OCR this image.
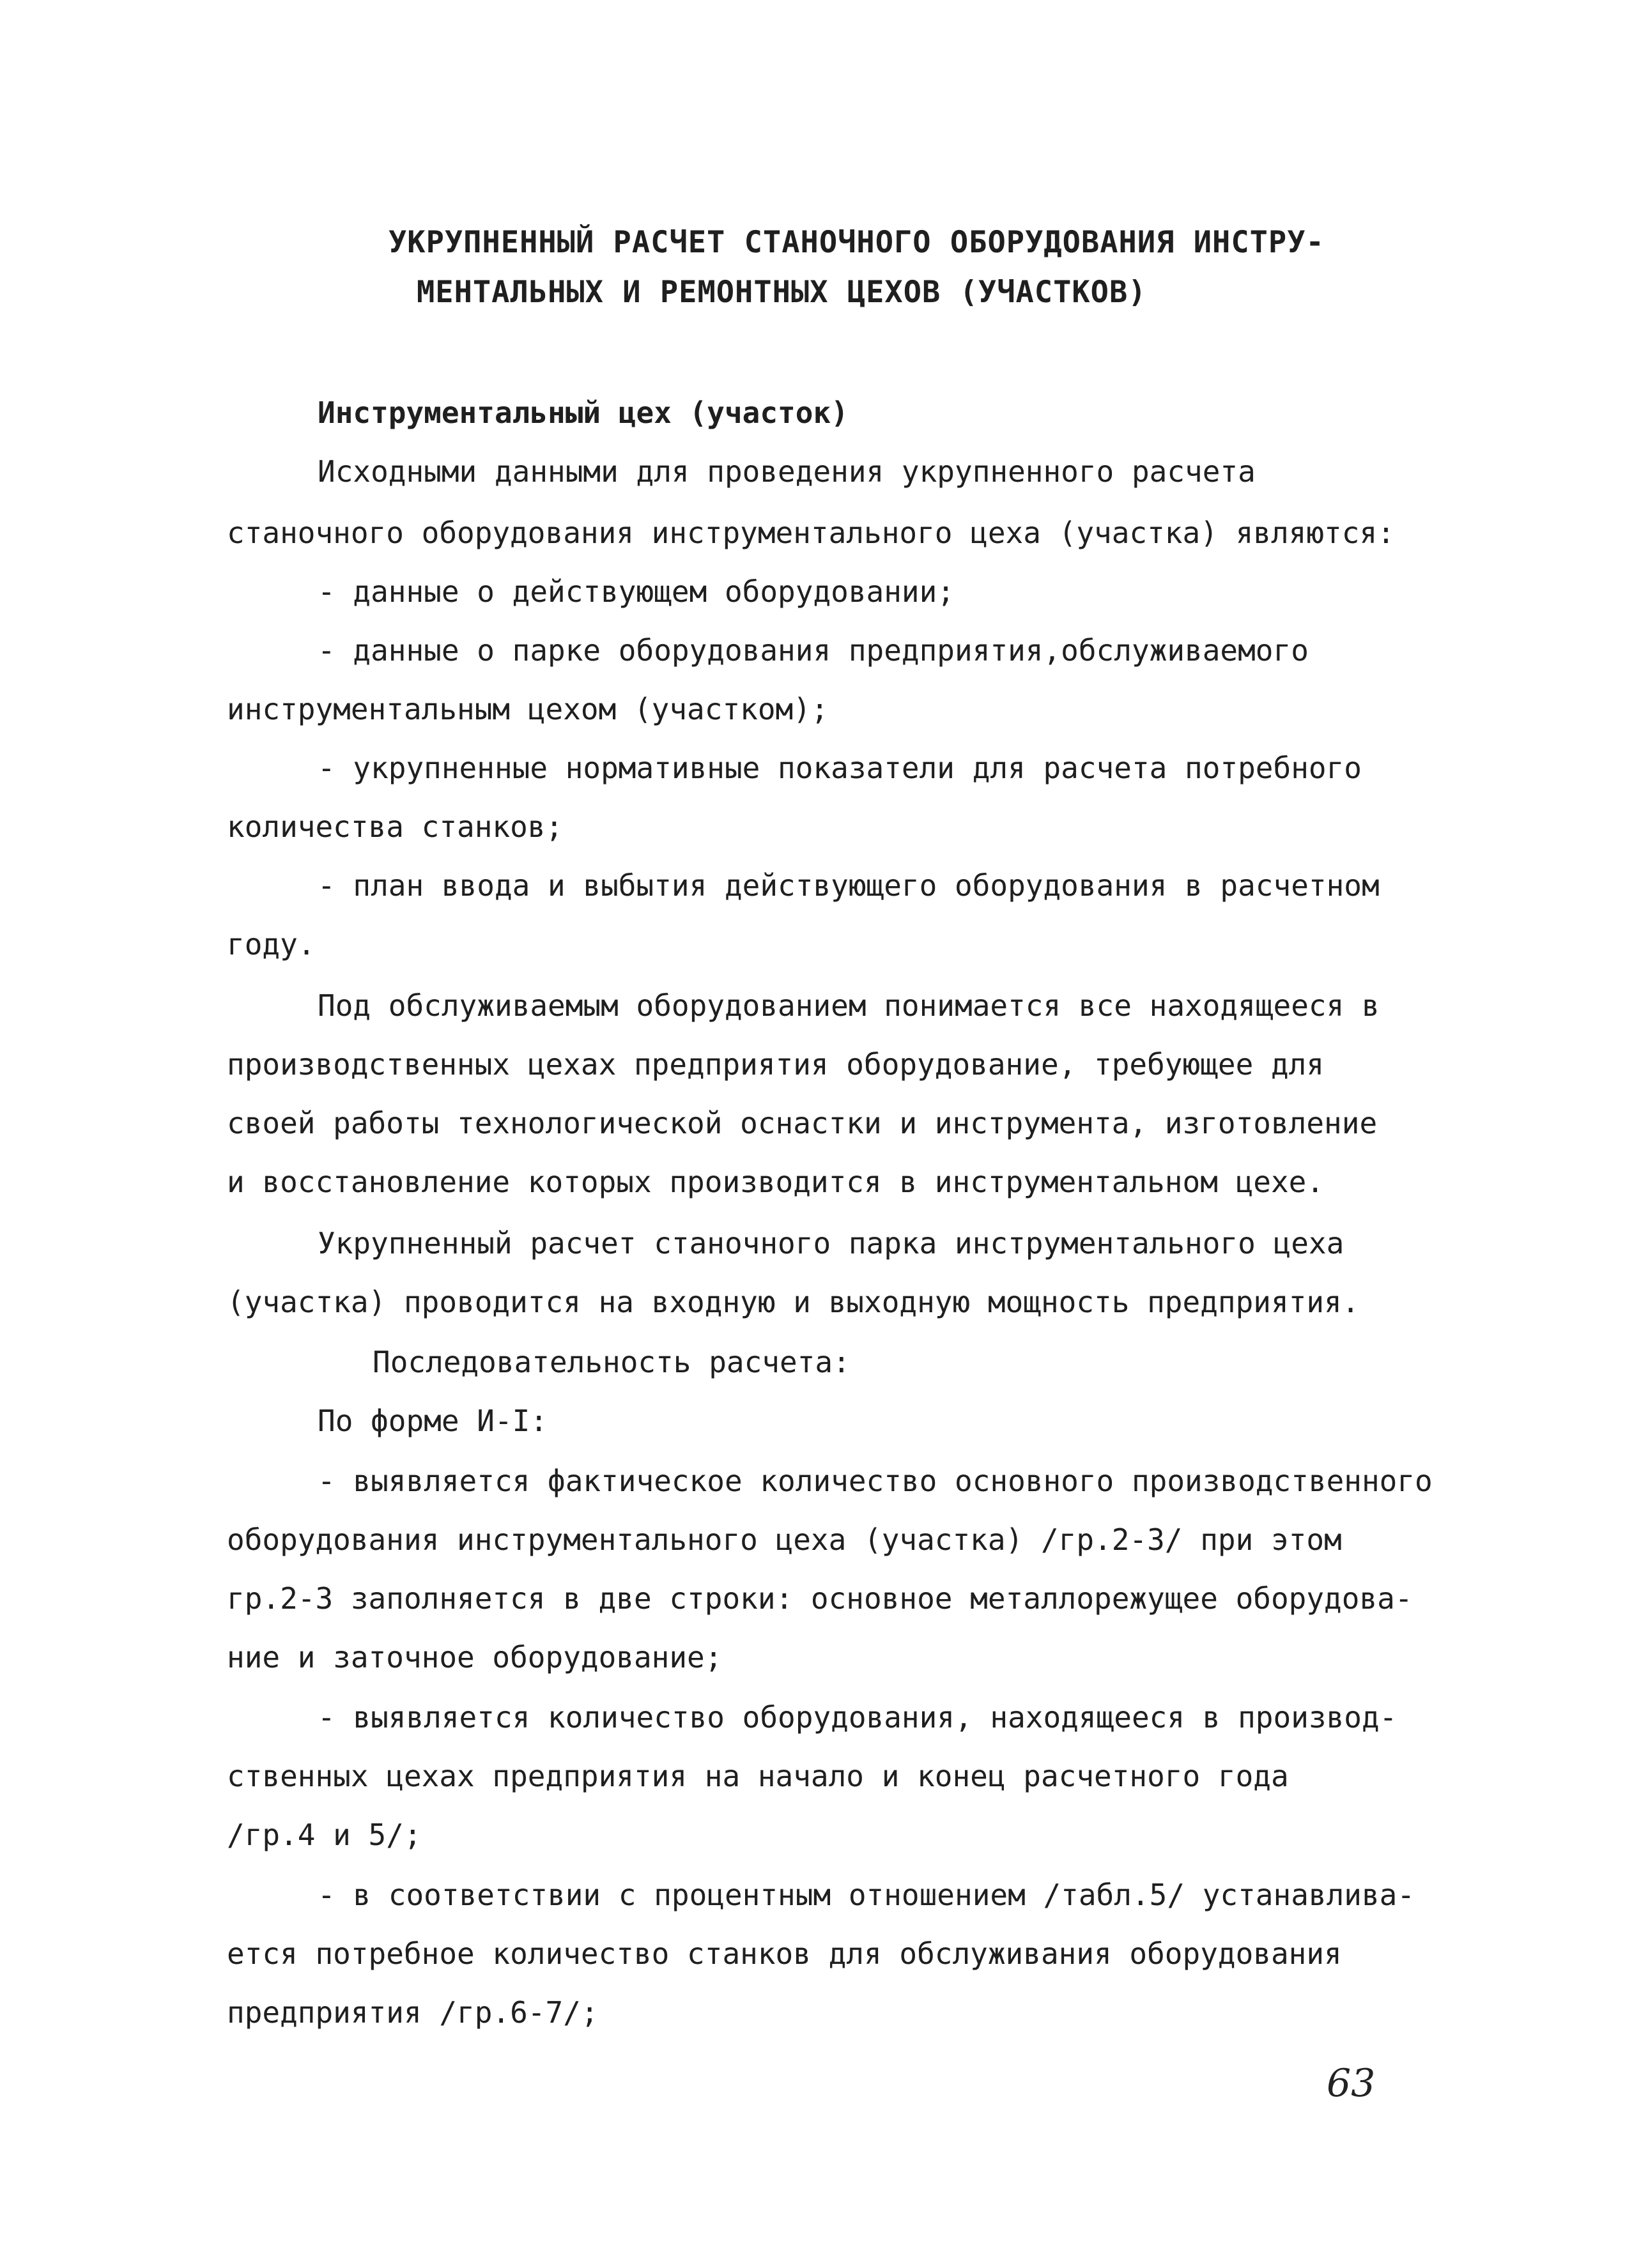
УКРУПНЕННЫЙ РАСЧЕТ СТАНОЧНОГО ОБОРУДОВАНИЯ ИНСТРУ-
МЕНТАЛЬНЫХ И РЕМОНТНЫХ ЦЕХОВ (УЧАСТКОВ)
Инструментальный цех (участок)
Исходными данными для проведения укрупненного расчета
станочного оборудования инструментального цеха (участка) являются:
- данные о действующем оборудовании;
- данные о парке оборудования предприятия,обслуживаемого
инструментальным цехом (участком);
- укрупненные нормативные показатели для расчета потребного
количества станков;
- план ввода и выбытия действующего оборудования в расчетном
году.
Под обслуживаемым оборудованием понимается все находящееся в
производственных цехах предприятия оборудование, требующее для
своей работы технологической оснастки и инструмента, изготовление
и восстановление которых производится в инструментальном цехе.
Укрупненный расчет станочного парка инструментального цеха
(участка) проводится на входную и выходную мощность предприятия.
Последовательность расчета:
По форме И-I:
- выявляется фактическое количество основного производственного
оборудования инструментального цеха (участка) /гр.2-3/ при этом
гр.2-3 заполняется в две строки: основное металлорежущее оборудова-
ние и заточное оборудование;
- выявляется количество оборудования, находящееся в производ-
ственных цехах предприятия на начало и конец расчетного года
/гр.4 и 5/;
- в соответствии с процентным отношением /табл.5/ устанавлива-
ется потребное количество станков для обслуживания оборудования
предприятия /гр.6-7/;
63
